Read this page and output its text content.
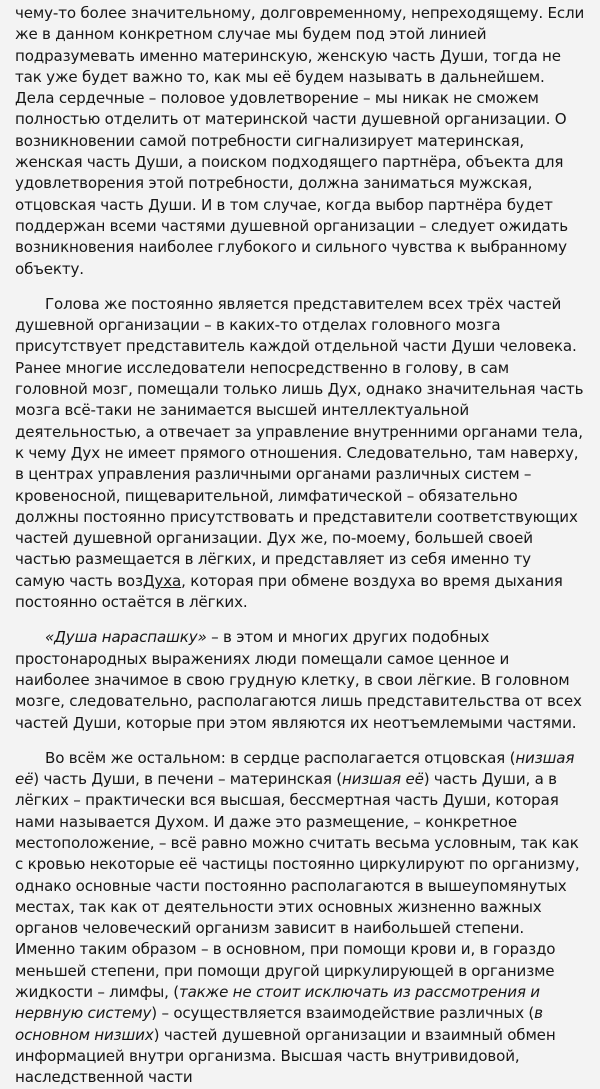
чему-то более значительному, долговременному, непреходящему. Если же в данном конкретном случае мы будем под этой линией подразумевать именно материнскую, женскую часть Души, тогда не так уже будет важно то, как мы её будем называть в дальнейшем. Дела сердечные – половое удовлетворение – мы никак не сможем полностью отделить от материнской части душевной организации. О возникновении самой потребности сигнализирует материнская, женская часть Души, а поиском подходящего партнёра, объекта для удовлетворения этой потребности, должна заниматься мужская, отцовская часть Души. И в том случае, когда выбор партнёра будет поддержан всеми частями душевной организации – следует ожидать возникновения наиболее глубокого и сильного чувства к выбранному объекту.

Голова же постоянно является представителем всех трёх частей душевной организации – в каких-то отделах головного мозга присутствует представитель каждой отдельной части Души человека. Ранее многие исследователи непосредственно в голову, в сам головной мозг, помещали только лишь Дух, однако значительная часть мозга всё-таки не занимается высшей интеллектуальной деятельностью, а отвечает за управление внутренними органами тела, к чему Дух не имеет прямого отношения. Следовательно, там наверху, в центрах управления различными органами различных систем – кровеносной, пищеварительной, лимфатической – обязательно должны постоянно присутствовать и представители соответствующих частей душевной организации. Дух же, по-моему, большей своей частью размещается в лёгких, и представляет из себя именно ту самую часть возДуха, которая при обмене воздуха во время дыхания постоянно остаётся в лёгких.

«Душа нараспашку» – в этом и многих других подобных простонародных выражениях люди помещали самое ценное и наиболее значимое в свою грудную клетку, в свои лёгкие. В головном мозге, следовательно, располагаются лишь представительства от всех частей Души, которые при этом являются их неотъемлемыми частями.

Во всём же остальном: в сердце располагается отцовская (низшая её) часть Души, в печени – материнская (низшая её) часть Души, а в лёгких – практически вся высшая, бессмертная часть Души, которая нами называется Духом. И даже это размещение, – конкретное местоположение, – всё равно можно считать весьма условным, так как с кровью некоторые её частицы постоянно циркулируют по организму, однако основные части постоянно располагаются в вышеупомянутых местах, так как от деятельности этих основных жизненно важных органов человеческий организм зависит в наибольшей степени. Именно таким образом – в основном, при помощи крови и, в гораздо меньшей степени, при помощи другой циркулирующей в организме жидкости – лимфы, (также не стоит исключать из рассмотрения и нервную систему) – осуществляется взаимодействие различных (в основном низших) частей душевной организации и взаимный обмен информацией внутри организма. Высшая часть внутривидовой, наследственной части
